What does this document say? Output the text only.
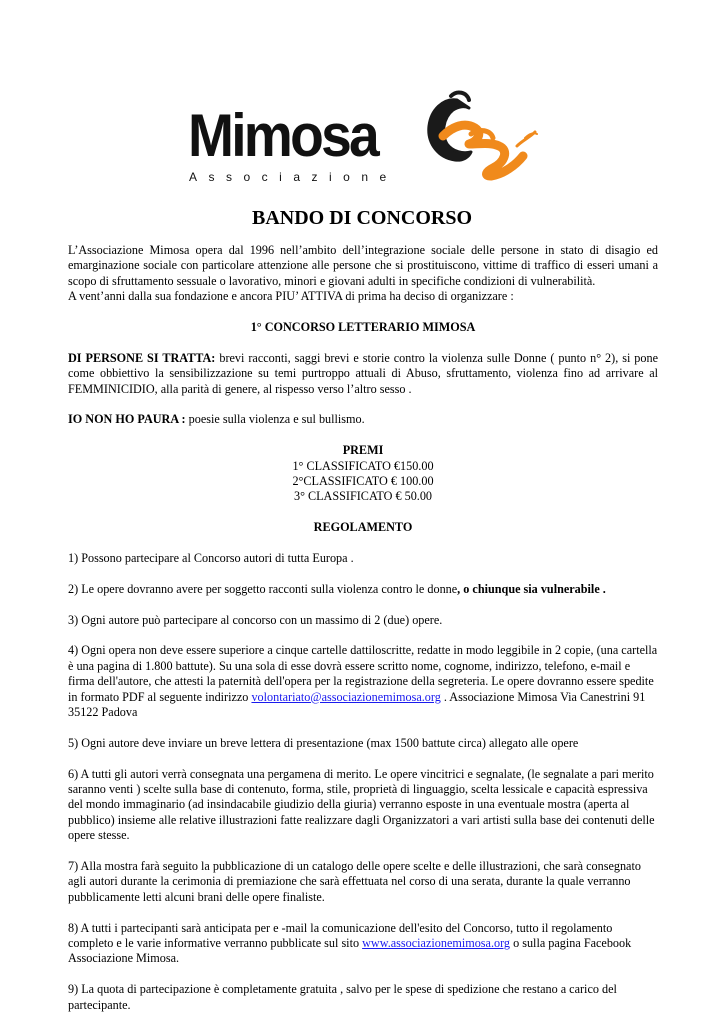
Mimosa
Associazione
BANDO DI CONCORSO

L’Associazione Mimosa opera dal 1996 nell’ambito dell’integrazione sociale delle persone in stato di disagio ed emarginazione sociale con particolare attenzione alle persone che si prostituiscono, vittime di traffico di esseri umani a scopo di sfruttamento sessuale o lavorativo, minori e giovani adulti in specifiche condizioni di vulnerabilità.

A vent’anni dalla sua fondazione e ancora PIU’ ATTIVA di prima ha deciso di organizzare :

1° CONCORSO LETTERARIO MIMOSA

DI PERSONE SI TRATTA: brevi racconti, saggi brevi e storie contro la violenza sulle Donne ( punto n° 2), si pone come obbiettivo la sensibilizzazione su temi purtroppo attuali di Abuso, sfruttamento, violenza fino ad arrivare al FEMMINICIDIO, alla parità di genere, al rispesso verso l’altro sesso .

IO NON HO PAURA : poesie sulla violenza e sul bullismo.

PREMI

1° CLASSIFICATO €150.00

2°CLASSIFICATO € 100.00

3° CLASSIFICATO € 50.00

REGOLAMENTO

1) Possono partecipare al Concorso autori di tutta Europa .

2) Le opere dovranno avere per soggetto racconti sulla violenza contro le donne, o chiunque sia vulnerabile .

3) Ogni autore può partecipare al concorso con un massimo di 2 (due) opere.

4) Ogni opera non deve essere superiore a cinque cartelle dattiloscritte, redatte in modo leggibile in 2 copie, (una cartella è una pagina di 1.800 battute). Su una sola di esse dovrà essere scritto nome, cognome, indirizzo, telefono, e-mail e firma dell'autore, che attesti la paternità dell'opera per la registrazione della segreteria. Le opere dovranno essere spedite in formato PDF al seguente indirizzo volontariato@associazionemimosa.org . Associazione Mimosa Via Canestrini 91 35122 Padova

5) Ogni autore deve inviare un breve lettera di presentazione (max 1500 battute circa) allegato alle opere

6) A tutti gli autori verrà consegnata una pergamena di merito. Le opere vincitrici e segnalate, (le segnalate a pari merito saranno venti ) scelte sulla base di contenuto, forma, stile, proprietà di linguaggio, scelta lessicale e capacità espressiva del mondo immaginario (ad insindacabile giudizio della giuria) verranno esposte in una eventuale mostra (aperta al pubblico) insieme alle relative illustrazioni fatte realizzare dagli Organizzatori a vari artisti sulla base dei contenuti delle opere stesse.

7) Alla mostra farà seguito la pubblicazione di un catalogo delle opere scelte e delle illustrazioni, che sarà consegnato agli autori durante la cerimonia di premiazione che sarà effettuata nel corso di una serata, durante la quale verranno pubblicamente letti alcuni brani delle opere finaliste.

8) A tutti i partecipanti sarà anticipata per e -mail la comunicazione dell'esito del Concorso, tutto il regolamento completo e le varie informative verranno pubblicate sul sito www.associazionemimosa.org o sulla pagina Facebook Associazione Mimosa.

9) La quota di partecipazione è completamente gratuita , salvo per le spese di spedizione che restano a carico del partecipante.
